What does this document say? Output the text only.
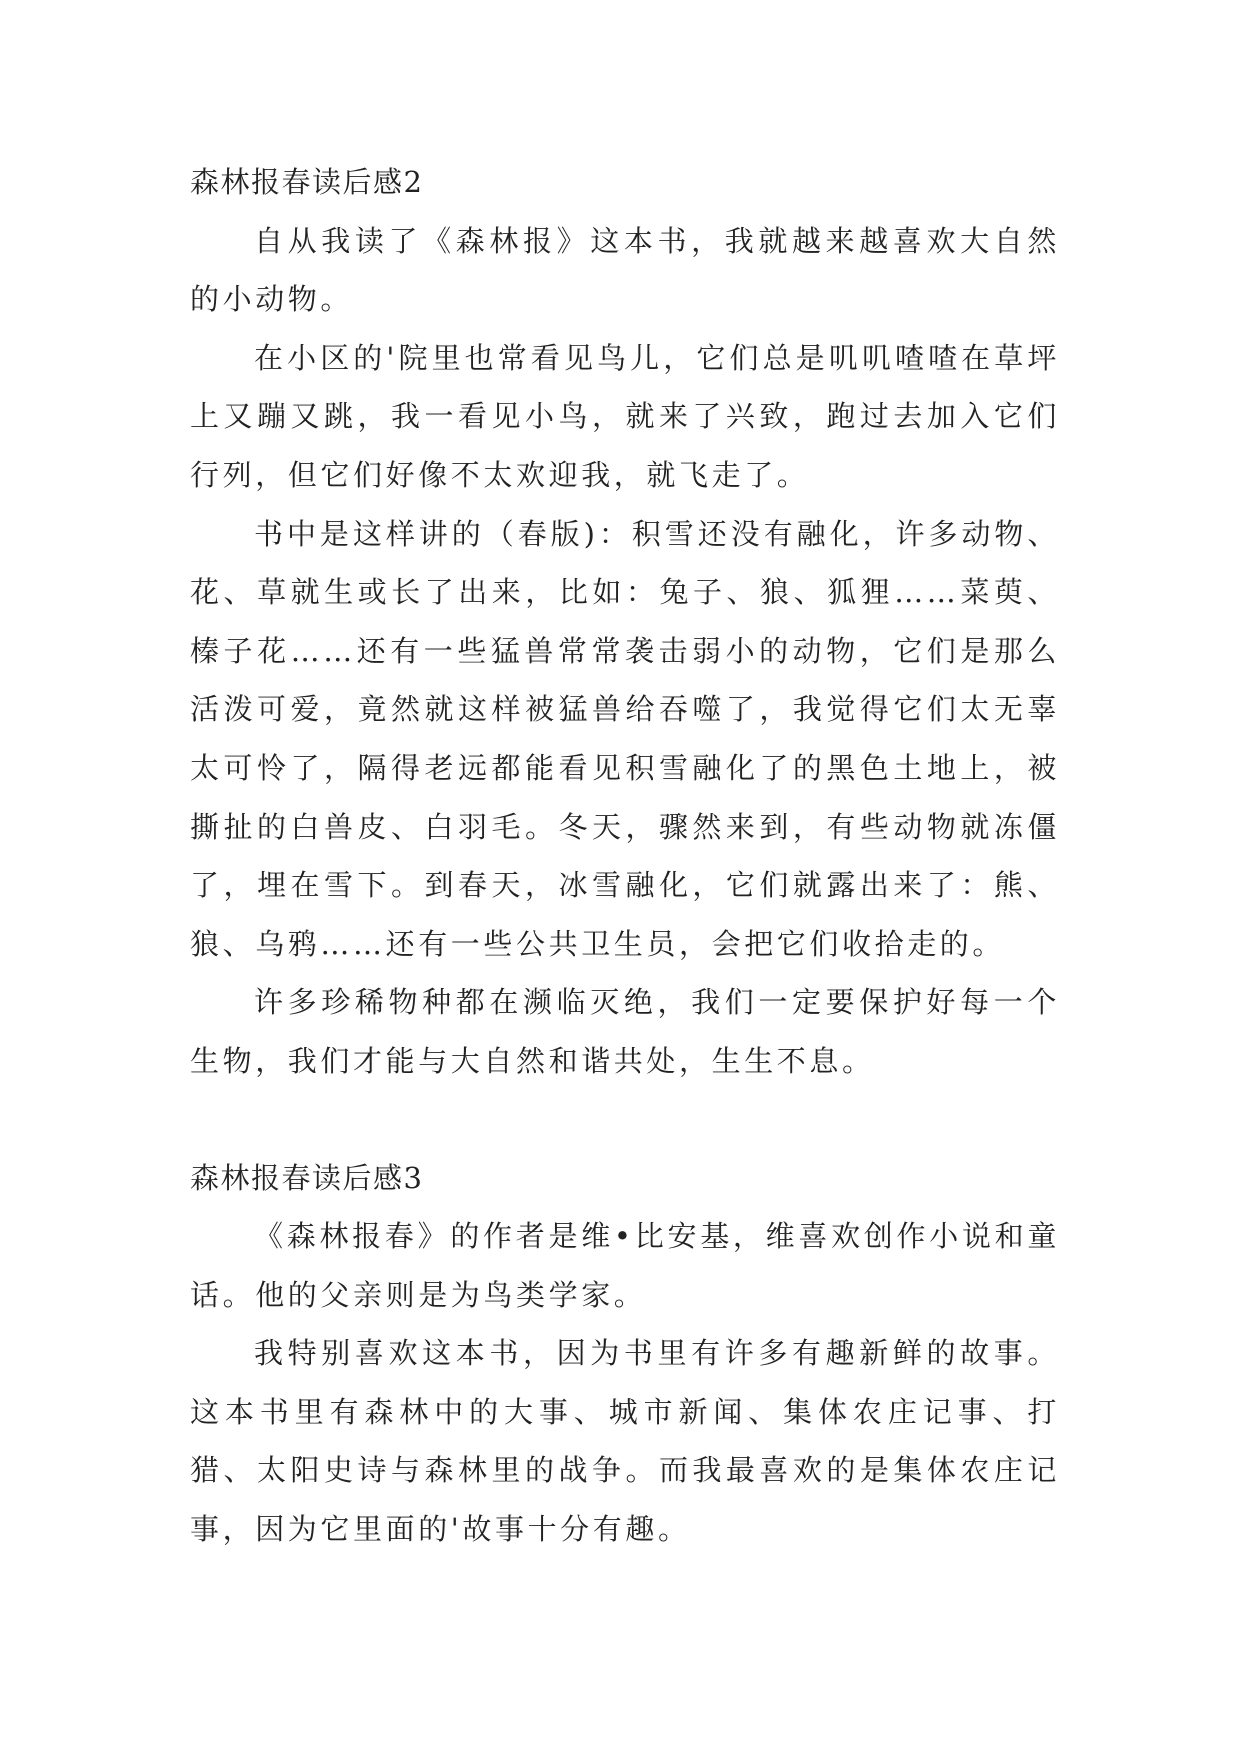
森林报春读后感2

自从我读了《森林报》这本书，我就越来越喜欢大自然的小动物。

在小区的'院里也常看见鸟儿，它们总是叽叽喳喳在草坪上又蹦又跳，我一看见小鸟，就来了兴致，跑过去加入它们行列，但它们好像不太欢迎我，就飞走了。

书中是这样讲的（春版)：积雪还没有融化，许多动物、花、草就生或长了出来，比如：兔子、狼、狐狸……菜萸、榛子花……还有一些猛兽常常袭击弱小的动物，它们是那么活泼可爱，竟然就这样被猛兽给吞噬了，我觉得它们太无辜太可怜了，隔得老远都能看见积雪融化了的黑色土地上，被撕扯的白兽皮、白羽毛。冬天，骤然来到，有些动物就冻僵了，埋在雪下。到春天，冰雪融化，它们就露出来了：熊、狼、乌鸦……还有一些公共卫生员，会把它们收拾走的。

许多珍稀物种都在濒临灭绝，我们一定要保护好每一个生物，我们才能与大自然和谐共处，生生不息。

森林报春读后感3

《森林报春》的作者是维•比安基，维喜欢创作小说和童话。他的父亲则是为鸟类学家。

我特别喜欢这本书，因为书里有许多有趣新鲜的故事。这本书里有森林中的大事、城市新闻、集体农庄记事、打猎、太阳史诗与森林里的战争。而我最喜欢的是集体农庄记事，因为它里面的'故事十分有趣。
